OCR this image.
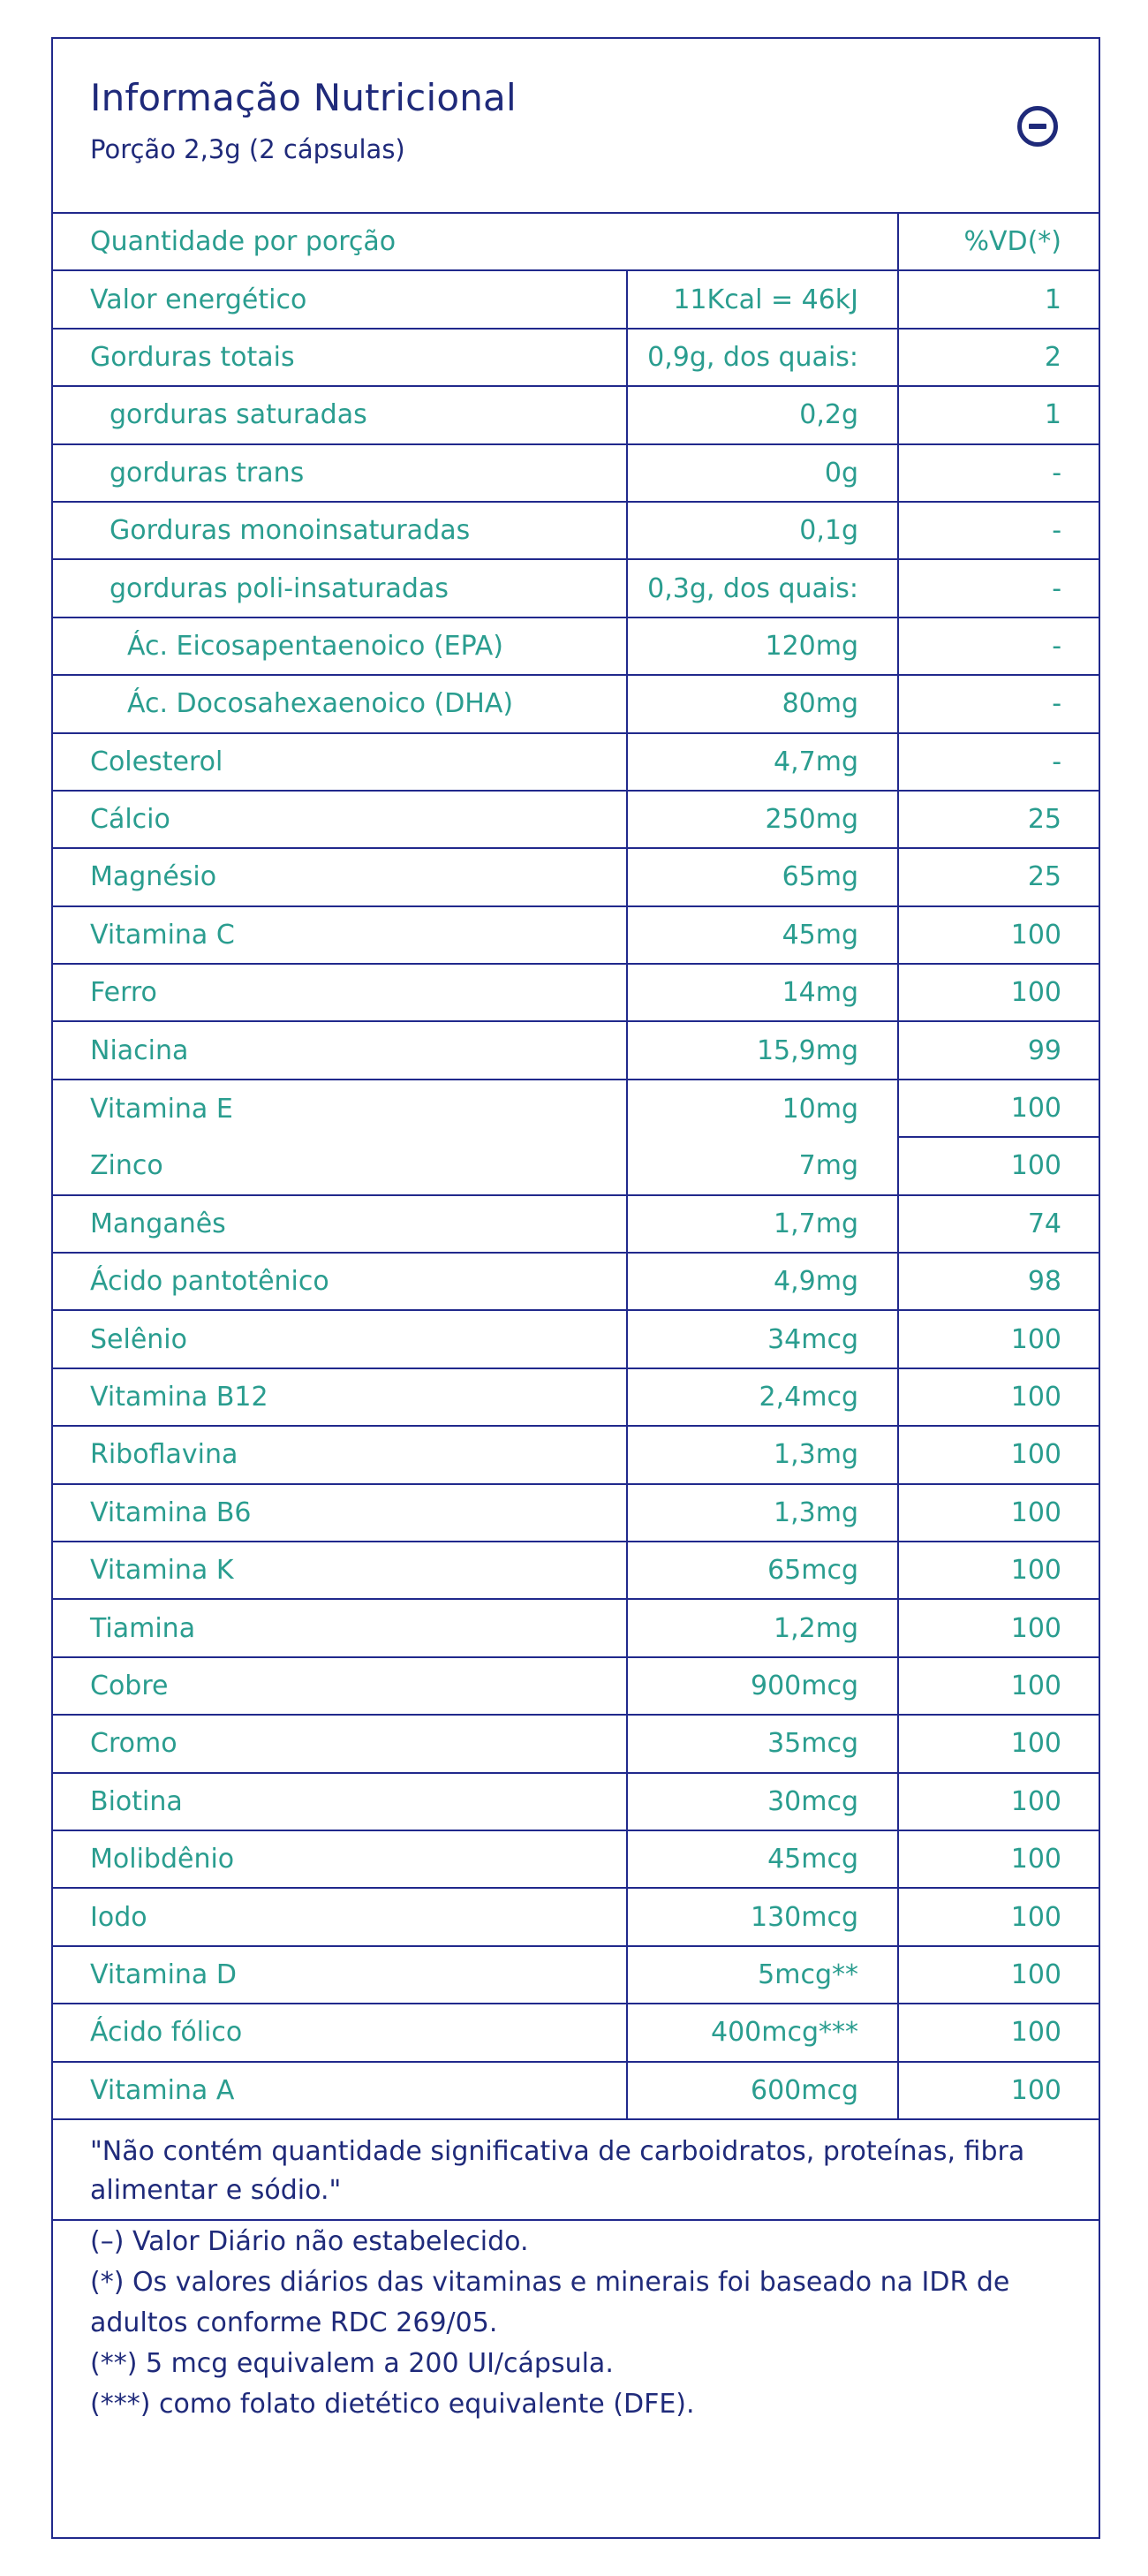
Informação Nutricional
Porção 2,3g (2 cápsulas)
Quantidade por porção		%VD(*)
Valor energético	11Kcal = 46kJ	1
Gorduras totais	0,9g, dos quais:	2
gorduras saturadas	0,2g	1
gorduras trans	0g	-
Gorduras monoinsaturadas	0,1g	-
gorduras poli-insaturadas	0,3g, dos quais:	-
Ác. Eicosapentaenoico (EPA)	120mg	-
Ác. Docosahexaenoico (DHA)	80mg	-
Colesterol	4,7mg	-
Cálcio	250mg	25
Magnésio	65mg	25
Vitamina C	45mg	100
Ferro	14mg	100
Niacina	15,9mg	99
Vitamina E	10mg	100
Zinco	7mg	100
Manganês	1,7mg	74
Ácido pantotênico	4,9mg	98
Selênio	34mcg	100
Vitamina B12	2,4mcg	100
Riboflavina	1,3mg	100
Vitamina B6	1,3mg	100
Vitamina K	65mcg	100
Tiamina	1,2mg	100
Cobre	900mcg	100
Cromo	35mcg	100
Biotina	30mcg	100
Molibdênio	45mcg	100
Iodo	130mcg	100
Vitamina D	5mcg**	100
Ácido fólico	400mcg***	100
Vitamina A	600mcg	100

"Não contém quantidade significativa de carboidratos, proteínas, fibra alimentar e sódio."

(–) Valor Diário não estabelecido.
(*) Os valores diários das vitaminas e minerais foi baseado na IDR de
adultos conforme RDC 269/05.
(**) 5 mcg equivalem a 200 UI/cápsula.
(***) como folato dietético equivalente (DFE).
